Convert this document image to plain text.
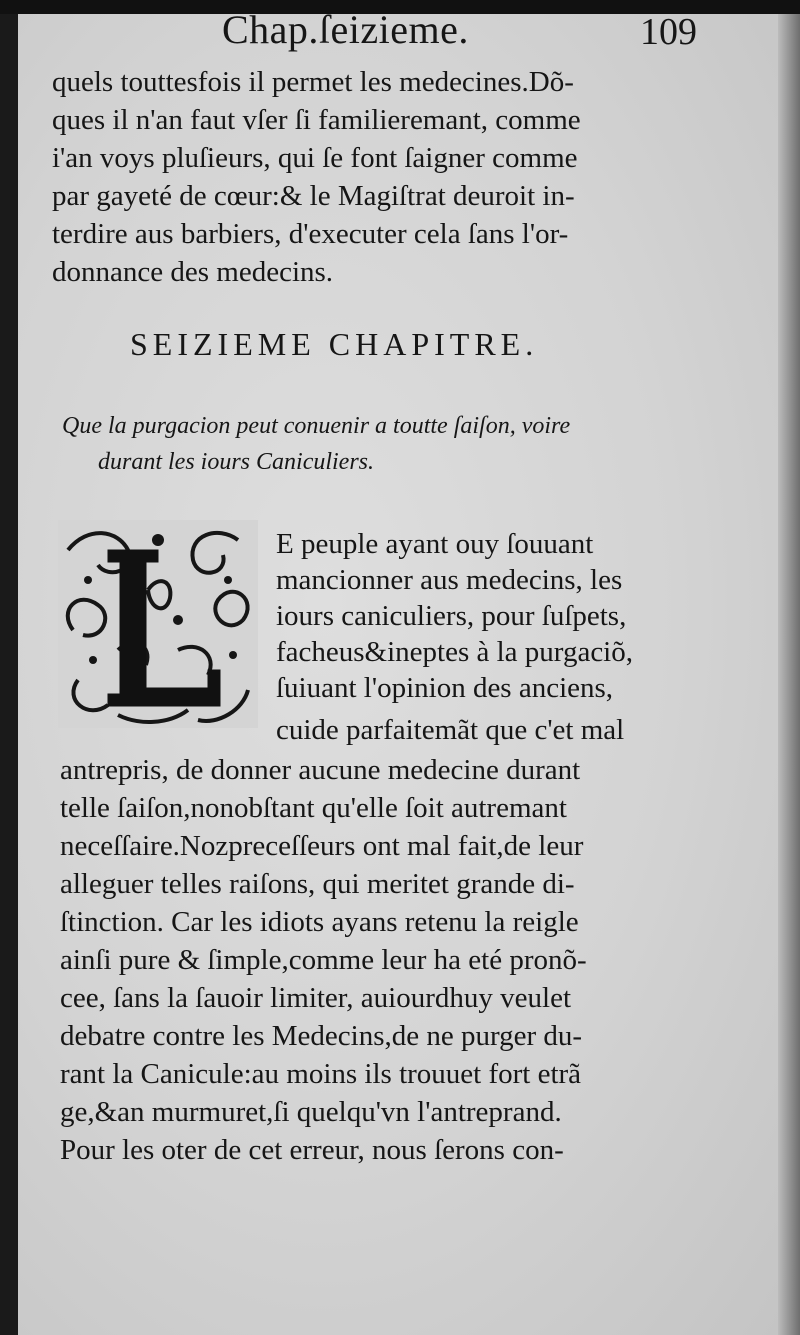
Chap.ſeizieme.	109
quels touttesfois il permet les medecines.Dõ-
ques il n'an faut vſer ſi familieremant, comme
i'an voys pluſieurs, qui ſe font ſaigner comme
par gayeté de cœur:& le Magiſtrat deuroit in-
terdire aus barbiers, d'executer cela ſans l'or-
donnance des medecins.
SEIZIEME CHAPITRE.
Que la purgacion peut conuenir a toutte ſaiſon, voire
durant les iours Caniculiers.
E peuple ayant ouy ſouuant
mancionner aus medecins, les
iours caniculiers, pour ſuſpets,
facheus&ineptes à la purgaciõ,
ſuiuant l'opinion des anciens,
cuide parfaitemãt que c'et mal
antrepris, de donner aucune medecine durant
telle ſaiſon,nonobſtant qu'elle ſoit autremant
neceſſaire.Nozpreceſſeurs ont mal fait,de leur
alleguer telles raiſons, qui meritet grande di-
ſtinction. Car les idiots ayans retenu la reigle
ainſi pure & ſimple,comme leur ha eté pronõ-
cee, ſans la ſauoir limiter, auiourdhuy veulet
debatre contre les Medecins,de ne purger du-
rant la Canicule:au moins ils trouuet fort etrã
ge,&an murmuret,ſi quelqu'vn l'antreprand.
Pour les oter de cet erreur, nous ſerons con-
